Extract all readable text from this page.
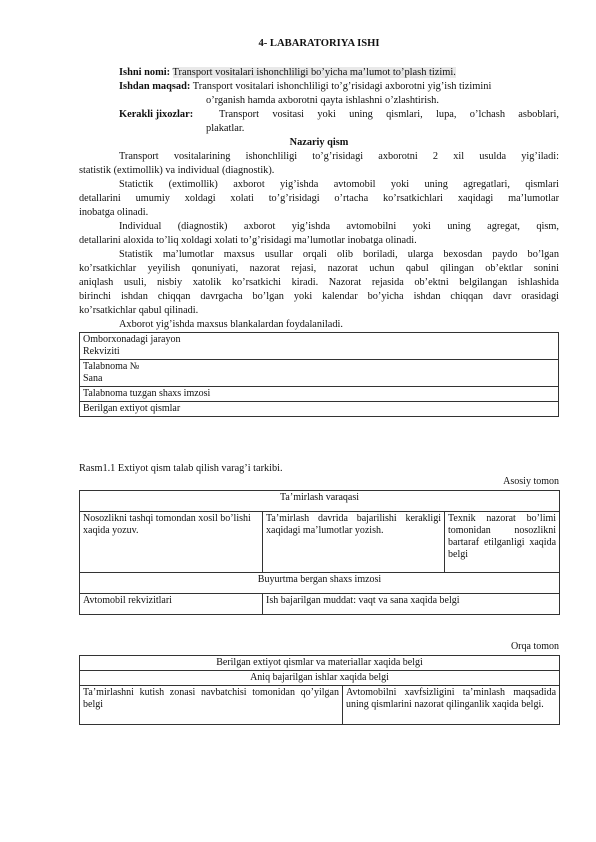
4- LABARATORIYA ISHI
Ishni nomi: Transport vositalari ishonchliligi bo’yicha ma’lumot to’plash tizimi.
Ishdan maqsad: Transport vositalari ishonchliligi to’g’risidagi axborotni yig’ish tizimini
o’rganish hamda axborotni qayta ishlashni o’zlashtirish.
Kerakli jixozlar: Transport vositasi yoki uning qismlari, lupa, o’lchash asboblari,
plakatlar.
Nazariy qism
Transport vositalarining ishonchliligi to’g’risidagi axborotni 2 xil usulda yig’iladi:
statistik (extimollik) va individual (diagnostik).
Statictik (extimollik) axborot yig’ishda avtomobil yoki uning agregatlari, qismlari
detallarini umumiy xoldagi xolati to’g’risidagi o’rtacha ko’rsatkichlari xaqidagi ma’lumotlar
inobatga olinadi.
Individual (diagnostik) axborot yig’ishda avtomobilni yoki uning agregat, qism,
detallarini aloxida to’liq xoldagi xolati to’g’risidagi ma’lumotlar inobatga olinadi.
Statistik ma’lumotlar maxsus usullar orqali olib boriladi, ularga bexosdan paydo bo’lgan
ko’rsatkichlar yeyilish qonuniyati, nazorat rejasi, nazorat uchun qabul qilingan ob’ektlar sonini
aniqlash usuli, nisbiy xatolik ko’rsatkichi kiradi. Nazorat rejasida ob’ektni belgilangan ishlashida
birinchi ishdan chiqqan davrgacha bo’lgan yoki kalendar bo’yicha ishdan chiqqan davr orasidagi
ko’rsatkichlar qabul qilinadi.
Axborot yig’ishda maxsus blankalardan foydalaniladi.
Omborxonadagi jarayon
Rekviziti

Talabnoma №
Sana

Talabnoma tuzgan shaxs imzosi
Berilgan extiyot qismlar
Rasm1.1 Extiyot qism talab qilish varag’i tarkibi.
Asosiy tomon
Ta’mirlash varaqasi		
Nosozlikni tashqi tomondan xosil bo’lishi xaqida yozuv.	Ta’mirlash davrida bajarilishi kerakligi xaqidagi ma’lumotlar yozish.	Texnik nazorat bo’limi tomonidan nosozlikni bartaraf etilganligi xaqida belgi
Buyurtma bergan shaxs imzosi		
Avtomobil rekvizitlari	Ish bajarilgan muddat: vaqt va sana xaqida belgi	
Orqa tomon
Berilgan extiyot qismlar va materiallar xaqida belgi
Aniq bajarilgan ishlar xaqida belgi
Ta’mirlashni kutish zonasi navbatchisi tomonidan qo’yilgan belgi	Avtomobilni xavfsizligini ta’minlash maqsadida uning qismlarini nazorat qilinganlik xaqida belgi.
